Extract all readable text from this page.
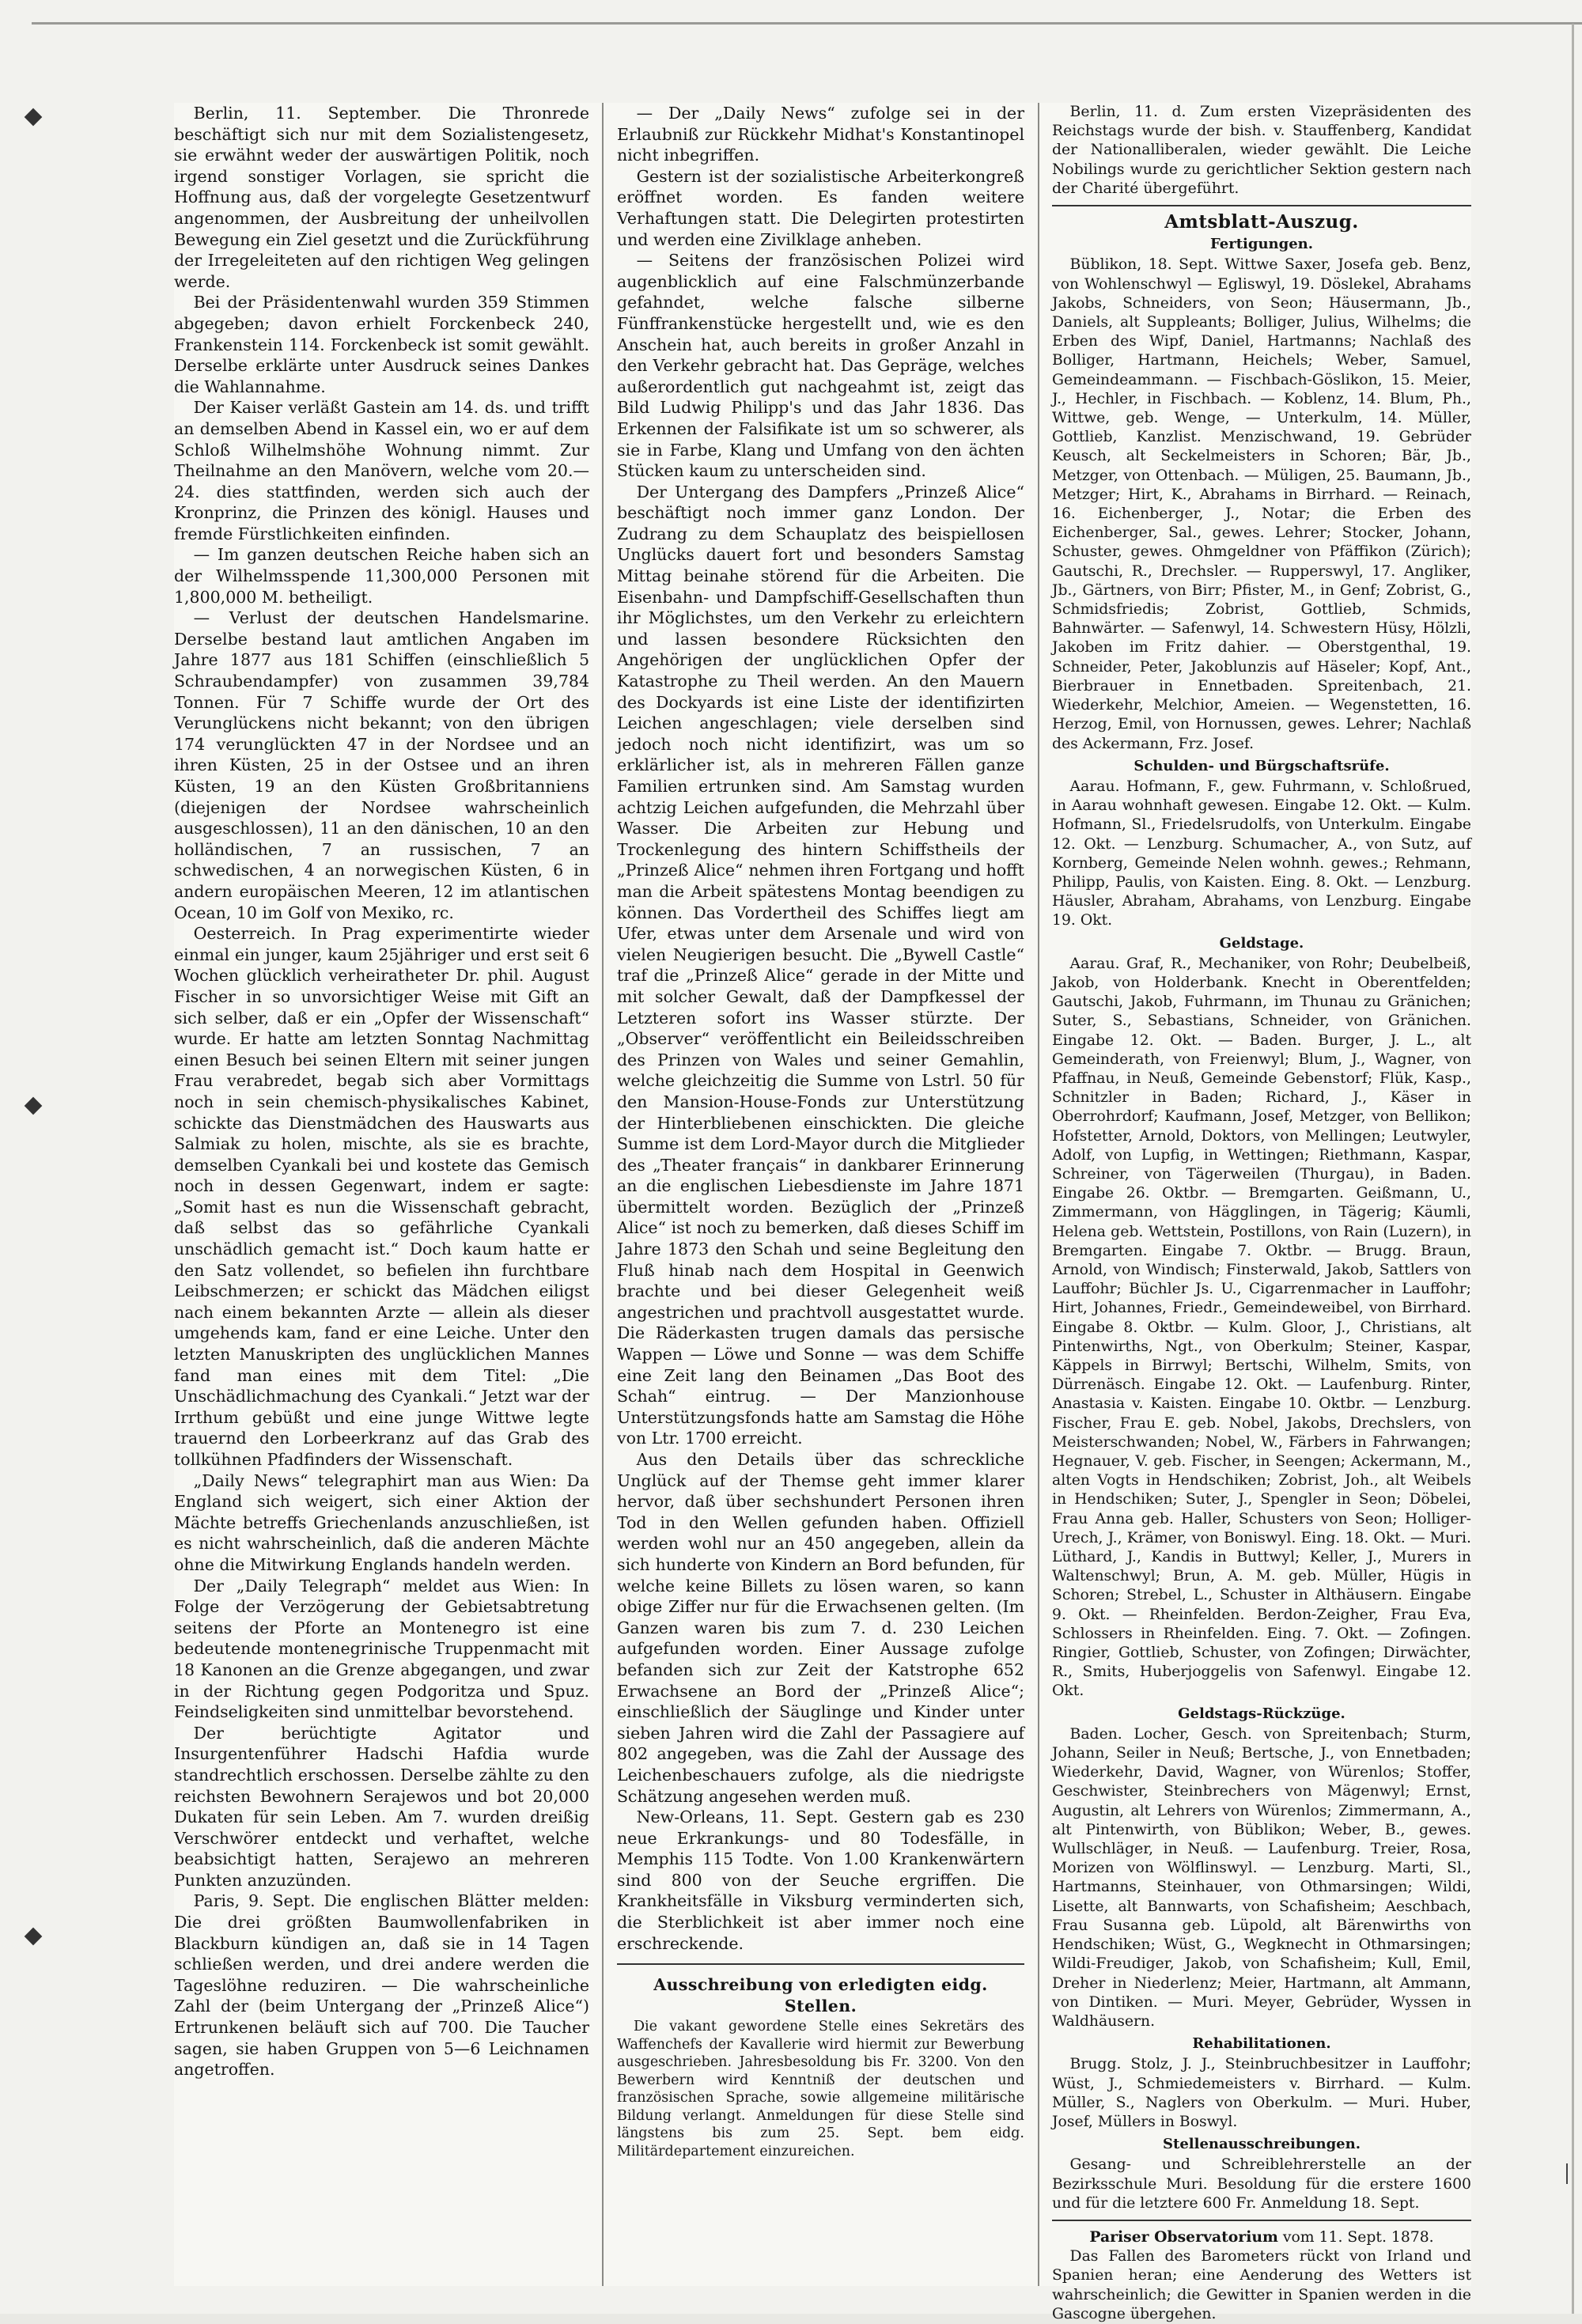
Berlin, 11. September. Die Thronrede beschäftigt sich nur mit dem Sozialistengesetz, sie erwähnt weder der auswärtigen Politik, noch irgend sonstiger Vorlagen, sie spricht die Hoffnung aus, daß der vorgelegte Gesetzentwurf angenommen, der Ausbreitung der unheilvollen Bewegung ein Ziel gesetzt und die Zurückführung der Irregeleiteten auf den richtigen Weg gelingen werde.

Bei der Präsidentenwahl wurden 359 Stimmen abgegeben; davon erhielt Forckenbeck 240, Frankenstein 114. Forckenbeck ist somit gewählt. Derselbe erklärte unter Ausdruck seines Dankes die Wahlannahme.

Der Kaiser verläßt Gastein am 14. ds. und trifft an demselben Abend in Kassel ein, wo er auf dem Schloß Wilhelmshöhe Wohnung nimmt. Zur Theilnahme an den Manövern, welche vom 20.—24. dies stattfinden, werden sich auch der Kronprinz, die Prinzen des königl. Hauses und fremde Fürstlichkeiten einfinden.

— Im ganzen deutschen Reiche haben sich an der Wilhelmsspende 11,300,000 Personen mit 1,800,000 M. betheiligt.

— Verlust der deutschen Handelsmarine. Derselbe bestand laut amtlichen Angaben im Jahre 1877 aus 181 Schiffen (einschließlich 5 Schraubendampfer) von zusammen 39,784 Tonnen. Für 7 Schiffe wurde der Ort des Verunglückens nicht bekannt; von den übrigen 174 verunglückten 47 in der Nordsee und an ihren Küsten, 25 in der Ostsee und an ihren Küsten, 19 an den Küsten Großbritanniens (diejenigen der Nordsee wahrscheinlich ausgeschlossen), 11 an den dänischen, 10 an den holländischen, 7 an russischen, 7 an schwedischen, 4 an norwegischen Küsten, 6 in andern europäischen Meeren, 12 im atlantischen Ocean, 10 im Golf von Mexiko, rc.

Oesterreich. In Prag experimentirte wieder einmal ein junger, kaum 25jähriger und erst seit 6 Wochen glücklich verheiratheter Dr. phil. August Fischer in so unvorsichtiger Weise mit Gift an sich selber, daß er ein „Opfer der Wissenschaft“ wurde. Er hatte am letzten Sonntag Nachmittag einen Besuch bei seinen Eltern mit seiner jungen Frau verabredet, begab sich aber Vormittags noch in sein chemisch-physikalisches Kabinet, schickte das Dienstmädchen des Hauswarts aus Salmiak zu holen, mischte, als sie es brachte, demselben Cyankali bei und kostete das Gemisch noch in dessen Gegenwart, indem er sagte: „Somit hast es nun die Wissenschaft gebracht, daß selbst das so gefährliche Cyankali unschädlich gemacht ist.“ Doch kaum hatte er den Satz vollendet, so befielen ihn furchtbare Leibschmerzen; er schickt das Mädchen eiligst nach einem bekannten Arzte — allein als dieser umgehends kam, fand er eine Leiche. Unter den letzten Manuskripten des unglücklichen Mannes fand man eines mit dem Titel: „Die Unschädlichmachung des Cyankali.“ Jetzt war der Irrthum gebüßt und eine junge Wittwe legte trauernd den Lorbeerkranz auf das Grab des tollkühnen Pfadfinders der Wissenschaft.

„Daily News“ telegraphirt man aus Wien: Da England sich weigert, sich einer Aktion der Mächte betreffs Griechenlands anzuschließen, ist es nicht wahrscheinlich, daß die anderen Mächte ohne die Mitwirkung Englands handeln werden.

Der „Daily Telegraph“ meldet aus Wien: In Folge der Verzögerung der Gebietsabtretung seitens der Pforte an Montenegro ist eine bedeutende montenegrinische Truppenmacht mit 18 Kanonen an die Grenze abgegangen, und zwar in der Richtung gegen Podgoritza und Spuz. Feindseligkeiten sind unmittelbar bevorstehend.

Der berüchtigte Agitator und Insurgentenführer Hadschi Hafdia wurde standrechtlich erschossen. Derselbe zählte zu den reichsten Bewohnern Serajewos und bot 20,000 Dukaten für sein Leben. Am 7. wurden dreißig Verschwörer entdeckt und verhaftet, welche beabsichtigt hatten, Serajewo an mehreren Punkten anzuzünden.

Paris, 9. Sept. Die englischen Blätter melden: Die drei größten Baumwollenfabriken in Blackburn kündigen an, daß sie in 14 Tagen schließen werden, und drei andere werden die Tageslöhne reduziren. — Die wahrscheinliche Zahl der (beim Untergang der „Prinzeß Alice“) Ertrunkenen beläuft sich auf 700. Die Taucher sagen, sie haben Gruppen von 5—6 Leichnamen angetroffen.

— Der „Daily News“ zufolge sei in der Erlaubniß zur Rückkehr Midhat's Konstantinopel nicht inbegriffen.

Gestern ist der sozialistische Arbeiterkongreß eröffnet worden. Es fanden weitere Verhaftungen statt. Die Delegirten protestirten und werden eine Zivilklage anheben.

— Seitens der französischen Polizei wird augenblicklich auf eine Falschmünzerbande gefahndet, welche falsche silberne Fünffrankenstücke hergestellt und, wie es den Anschein hat, auch bereits in großer Anzahl in den Verkehr gebracht hat. Das Gepräge, welches außerordentlich gut nachgeahmt ist, zeigt das Bild Ludwig Philipp's und das Jahr 1836. Das Erkennen der Falsifikate ist um so schwerer, als sie in Farbe, Klang und Umfang von den ächten Stücken kaum zu unterscheiden sind.

Der Untergang des Dampfers „Prinzeß Alice“ beschäftigt noch immer ganz London. Der Zudrang zu dem Schauplatz des beispiellosen Unglücks dauert fort und besonders Samstag Mittag beinahe störend für die Arbeiten. Die Eisenbahn- und Dampfschiff-Gesellschaften thun ihr Möglichstes, um den Verkehr zu erleichtern und lassen besondere Rücksichten den Angehörigen der unglücklichen Opfer der Katastrophe zu Theil werden. An den Mauern des Dockyards ist eine Liste der identifizirten Leichen angeschlagen; viele derselben sind jedoch noch nicht identifizirt, was um so erklärlicher ist, als in mehreren Fällen ganze Familien ertrunken sind. Am Samstag wurden achtzig Leichen aufgefunden, die Mehrzahl über Wasser. Die Arbeiten zur Hebung und Trockenlegung des hintern Schiffstheils der „Prinzeß Alice“ nehmen ihren Fortgang und hofft man die Arbeit spätestens Montag beendigen zu können. Das Vordertheil des Schiffes liegt am Ufer, etwas unter dem Arsenale und wird von vielen Neugierigen besucht. Die „Bywell Castle“ traf die „Prinzeß Alice“ gerade in der Mitte und mit solcher Gewalt, daß der Dampfkessel der Letzteren sofort ins Wasser stürzte. Der „Observer“ veröffentlicht ein Beileidsschreiben des Prinzen von Wales und seiner Gemahlin, welche gleichzeitig die Summe von Lstrl. 50 für den Mansion-House-Fonds zur Unterstützung der Hinterbliebenen einschickten. Die gleiche Summe ist dem Lord-Mayor durch die Mitglieder des „Theater français“ in dankbarer Erinnerung an die englischen Liebesdienste im Jahre 1871 übermittelt worden. Bezüglich der „Prinzeß Alice“ ist noch zu bemerken, daß dieses Schiff im Jahre 1873 den Schah und seine Begleitung den Fluß hinab nach dem Hospital in Geenwich brachte und bei dieser Gelegenheit weiß angestrichen und prachtvoll ausgestattet wurde. Die Räderkasten trugen damals das persische Wappen — Löwe und Sonne — was dem Schiffe eine Zeit lang den Beinamen „Das Boot des Schah“ eintrug. — Der Manzionhouse Unterstützungsfonds hatte am Samstag die Höhe von Ltr. 1700 erreicht.

Aus den Details über das schreckliche Unglück auf der Themse geht immer klarer hervor, daß über sechshundert Personen ihren Tod in den Wellen gefunden haben. Offiziell werden wohl nur an 450 angegeben, allein da sich hunderte von Kindern an Bord befunden, für welche keine Billets zu lösen waren, so kann obige Ziffer nur für die Erwachsenen gelten. (Im Ganzen waren bis zum 7. d. 230 Leichen aufgefunden worden. Einer Aussage zufolge befanden sich zur Zeit der Katstrophe 652 Erwachsene an Bord der „Prinzeß Alice“; einschließlich der Säuglinge und Kinder unter sieben Jahren wird die Zahl der Passagiere auf 802 angegeben, was die Zahl der Aussage des Leichenbeschauers zufolge, als die niedrigste Schätzung angesehen werden muß.

New-Orleans, 11. Sept. Gestern gab es 230 neue Erkrankungs- und 80 Todesfälle, in Memphis 115 Todte. Von 1.00 Krankenwärtern sind 800 von der Seuche ergriffen. Die Krankheitsfälle in Viksburg verminderten sich, die Sterblichkeit ist aber immer noch eine erschreckende.

Ausschreibung von erledigten eidg. Stellen.

Die vakant gewordene Stelle eines Sekretärs des Waffenchefs der Kavallerie wird hiermit zur Bewerbung ausgeschrieben. Jahresbesoldung bis Fr. 3200. Von den Bewerbern wird Kenntniß der deutschen und französischen Sprache, sowie allgemeine militärische Bildung verlangt. Anmeldungen für diese Stelle sind längstens bis zum 25. Sept. bem eidg. Militärdepartement einzureichen.

Berlin, 11. d. Zum ersten Vizepräsidenten des Reichstags wurde der bish. v. Stauffenberg, Kandidat der Nationalliberalen, wieder gewählt. Die Leiche Nobilings wurde zu gerichtlicher Sektion gestern nach der Charité übergeführt.

Amtsblatt-Auszug.
Fertigungen.

Büblikon, 18. Sept. Wittwe Saxer, Josefa geb. Benz, von Wohlenschwyl — Egliswyl, 19. Döslekel, Abrahams Jakobs, Schneiders, von Seon; Häusermann, Jb., Daniels, alt Suppleants; Bolliger, Julius, Wilhelms; die Erben des Wipf, Daniel, Hartmanns; Nachlaß des Bolliger, Hartmann, Heichels; Weber, Samuel, Gemeindeammann. — Fischbach-Göslikon, 15. Meier, J., Hechler, in Fischbach. — Koblenz, 14. Blum, Ph., Wittwe, geb. Wenge, — Unterkulm, 14. Müller, Gottlieb, Kanzlist. Menzischwand, 19. Gebrüder Keusch, alt Seckelmeisters in Schoren; Bär, Jb., Metzger, von Ottenbach. — Müligen, 25. Baumann, Jb., Metzger; Hirt, K., Abrahams in Birrhard. — Reinach, 16. Eichenberger, J., Notar; die Erben des Eichenberger, Sal., gewes. Lehrer; Stocker, Johann, Schuster, gewes. Ohmgeldner von Pfäffikon (Zürich); Gautschi, R., Drechsler. — Rupperswyl, 17. Angliker, Jb., Gärtners, von Birr; Pfister, M., in Genf; Zobrist, G., Schmidsfriedis; Zobrist, Gottlieb, Schmids, Bahnwärter. — Safenwyl, 14. Schwestern Hüsy, Hölzli, Jakoben im Fritz dahier. — Oberstgenthal, 19. Schneider, Peter, Jakoblunzis auf Häseler; Kopf, Ant., Bierbrauer in Ennetbaden. Spreitenbach, 21. Wiederkehr, Melchior, Ameien. — Wegenstetten, 16. Herzog, Emil, von Hornussen, gewes. Lehrer; Nachlaß des Ackermann, Frz. Josef.

Schulden- und Bürgschaftsrüfe.

Aarau. Hofmann, F., gew. Fuhrmann, v. Schloßrued, in Aarau wohnhaft gewesen. Eingabe 12. Okt. — Kulm. Hofmann, Sl., Friedelsrudolfs, von Unterkulm. Eingabe 12. Okt. — Lenzburg. Schumacher, A., von Sutz, auf Kornberg, Gemeinde Nelen wohnh. gewes.; Rehmann, Philipp, Paulis, von Kaisten. Eing. 8. Okt. — Lenzburg. Häusler, Abraham, Abrahams, von Lenzburg. Eingabe 19. Okt.

Geldstage.

Aarau. Graf, R., Mechaniker, von Rohr; Deubelbeiß, Jakob, von Holderbank. Knecht in Oberentfelden; Gautschi, Jakob, Fuhrmann, im Thunau zu Gränichen; Suter, S., Sebastians, Schneider, von Gränichen. Eingabe 12. Okt. — Baden. Burger, J. L., alt Gemeinderath, von Freienwyl; Blum, J., Wagner, von Pfaffnau, in Neuß, Gemeinde Gebenstorf; Flük, Kasp., Schnitzler in Baden; Richard, J., Käser in Oberrohrdorf; Kaufmann, Josef, Metzger, von Bellikon; Hofstetter, Arnold, Doktors, von Mellingen; Leutwyler, Adolf, von Lupfig, in Wettingen; Riethmann, Kaspar, Schreiner, von Tägerweilen (Thurgau), in Baden. Eingabe 26. Oktbr. — Bremgarten. Geißmann, U., Zimmermann, von Hägglingen, in Tägerig; Käumli, Helena geb. Wettstein, Postillons, von Rain (Luzern), in Bremgarten. Eingabe 7. Oktbr. — Brugg. Braun, Arnold, von Windisch; Finsterwald, Jakob, Sattlers von Lauffohr; Büchler Js. U., Cigarrenmacher in Lauffohr; Hirt, Johannes, Friedr., Gemeindeweibel, von Birrhard. Eingabe 8. Oktbr. — Kulm. Gloor, J., Christians, alt Pintenwirths, Ngt., von Oberkulm; Steiner, Kaspar, Käppels in Birrwyl; Bertschi, Wilhelm, Smits, von Dürrenäsch. Eingabe 12. Okt. — Laufenburg. Rinter, Anastasia v. Kaisten. Eingabe 10. Oktbr. — Lenzburg. Fischer, Frau E. geb. Nobel, Jakobs, Drechslers, von Meisterschwanden; Nobel, W., Färbers in Fahrwangen; Hegnauer, V. geb. Fischer, in Seengen; Ackermann, M., alten Vogts in Hendschiken; Zobrist, Joh., alt Weibels in Hendschiken; Suter, J., Spengler in Seon; Döbelei, Frau Anna geb. Haller, Schusters von Seon; Holliger-Urech, J., Krämer, von Boniswyl. Eing. 18. Okt. — Muri. Lüthard, J., Kandis in Buttwyl; Keller, J., Murers in Waltenschwyl; Brun, A. M. geb. Müller, Hügis in Schoren; Strebel, L., Schuster in Althäusern. Eingabe 9. Okt. — Rheinfelden. Berdon-Zeigher, Frau Eva, Schlossers in Rheinfelden. Eing. 7. Okt. — Zofingen. Ringier, Gottlieb, Schuster, von Zofingen; Dirwächter, R., Smits, Huberjoggelis von Safenwyl. Eingabe 12. Okt.

Geldstags-Rückzüge.

Baden. Locher, Gesch. von Spreitenbach; Sturm, Johann, Seiler in Neuß; Bertsche, J., von Ennetbaden; Wiederkehr, David, Wagner, von Würenlos; Stoffer, Geschwister, Steinbrechers von Mägenwyl; Ernst, Augustin, alt Lehrers von Würenlos; Zimmermann, A., alt Pintenwirth, von Büblikon; Weber, B., gewes. Wullschläger, in Neuß. — Laufenburg. Treier, Rosa, Morizen von Wölflinswyl. — Lenzburg. Marti, Sl., Hartmanns, Steinhauer, von Othmarsingen; Wildi, Lisette, alt Bannwarts, von Schafisheim; Aeschbach, Frau Susanna geb. Lüpold, alt Bärenwirths von Hendschiken; Wüst, G., Wegknecht in Othmarsingen; Wildi-Freudiger, Jakob, von Schafisheim; Kull, Emil, Dreher in Niederlenz; Meier, Hartmann, alt Ammann, von Dintiken. — Muri. Meyer, Gebrüder, Wyssen in Waldhäusern.

Rehabilitationen.

Brugg. Stolz, J. J., Steinbruchbesitzer in Lauffohr; Wüst, J., Schmiedemeisters v. Birrhard. — Kulm. Müller, S., Naglers von Oberkulm. — Muri. Huber, Josef, Müllers in Boswyl.

Stellenausschreibungen.

Gesang- und Schreiblehrerstelle an der Bezirksschule Muri. Besoldung für die erstere 1600 und für die letztere 600 Fr. Anmeldung 18. Sept.

Pariser Observatorium vom 11. Sept. 1878.

Das Fallen des Barometers rückt von Irland und Spanien heran; eine Aenderung des Wetters ist wahrscheinlich; die Gewitter in Spanien werden in die Gascogne übergehen.
